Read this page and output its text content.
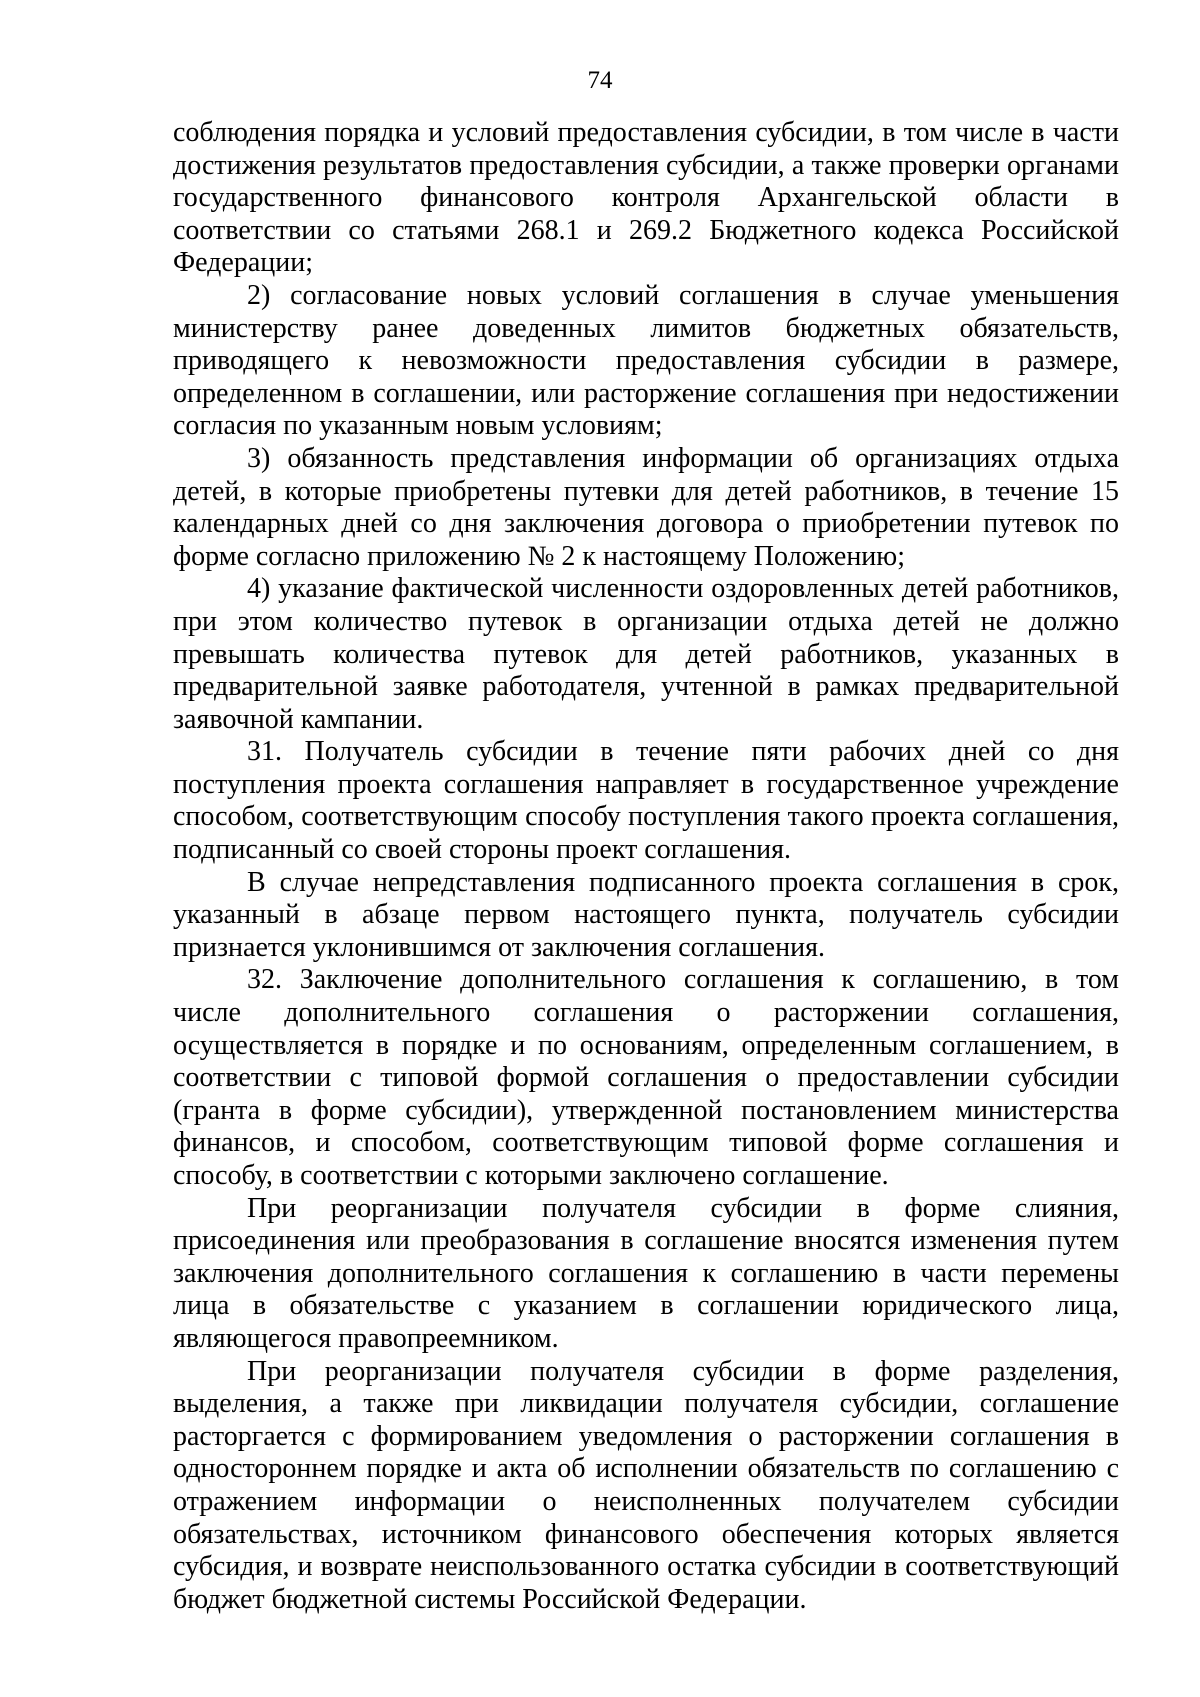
74

соблюдения порядка и условий предоставления субсидии, в том числе в части достижения результатов предоставления субсидии, а также проверки органами государственного финансового контроля Архангельской области в соответствии со статьями 268.1 и 269.2 Бюджетного кодекса Российской Федерации;

2) согласование новых условий соглашения в случае уменьшения министерству ранее доведенных лимитов бюджетных обязательств, приводящего к невозможности предоставления субсидии в размере, определенном в соглашении, или расторжение соглашения при недостижении согласия по указанным новым условиям;

3) обязанность представления информации об организациях отдыха детей, в которые приобретены путевки для детей работников, в течение 15 календарных дней со дня заключения договора о приобретении путевок по форме согласно приложению № 2 к настоящему Положению;

4) указание фактической численности оздоровленных детей работников, при этом количество путевок в организации отдыха детей не должно превышать количества путевок для детей работников, указанных в предварительной заявке работодателя, учтенной в рамках предварительной заявочной кампании.

31. Получатель субсидии в течение пяти рабочих дней со дня поступления проекта соглашения направляет в государственное учреждение способом, соответствующим способу поступления такого проекта соглашения, подписанный со своей стороны проект соглашения.

В случае непредставления подписанного проекта соглашения в срок, указанный в абзаце первом настоящего пункта, получатель субсидии признается уклонившимся от заключения соглашения.

32. Заключение дополнительного соглашения к соглашению, в том числе дополнительного соглашения о расторжении соглашения, осуществляется в порядке и по основаниям, определенным соглашением, в соответствии с типовой формой соглашения о предоставлении субсидии (гранта в форме субсидии), утвержденной постановлением министерства финансов, и способом, соответствующим типовой форме соглашения и способу, в соответствии с которыми заключено соглашение.

При реорганизации получателя субсидии в форме слияния, присоединения или преобразования в соглашение вносятся изменения путем заключения дополнительного соглашения к соглашению в части перемены лица в обязательстве с указанием в соглашении юридического лица, являющегося правопреемником.

При реорганизации получателя субсидии в форме разделения, выделения, а также при ликвидации получателя субсидии, соглашение расторгается с формированием уведомления о расторжении соглашения в одностороннем порядке и акта об исполнении обязательств по соглашению с отражением информации о неисполненных получателем субсидии обязательствах, источником финансового обеспечения которых является субсидия, и возврате неиспользованного остатка субсидии в соответствующий бюджет бюджетной системы Российской Федерации.
